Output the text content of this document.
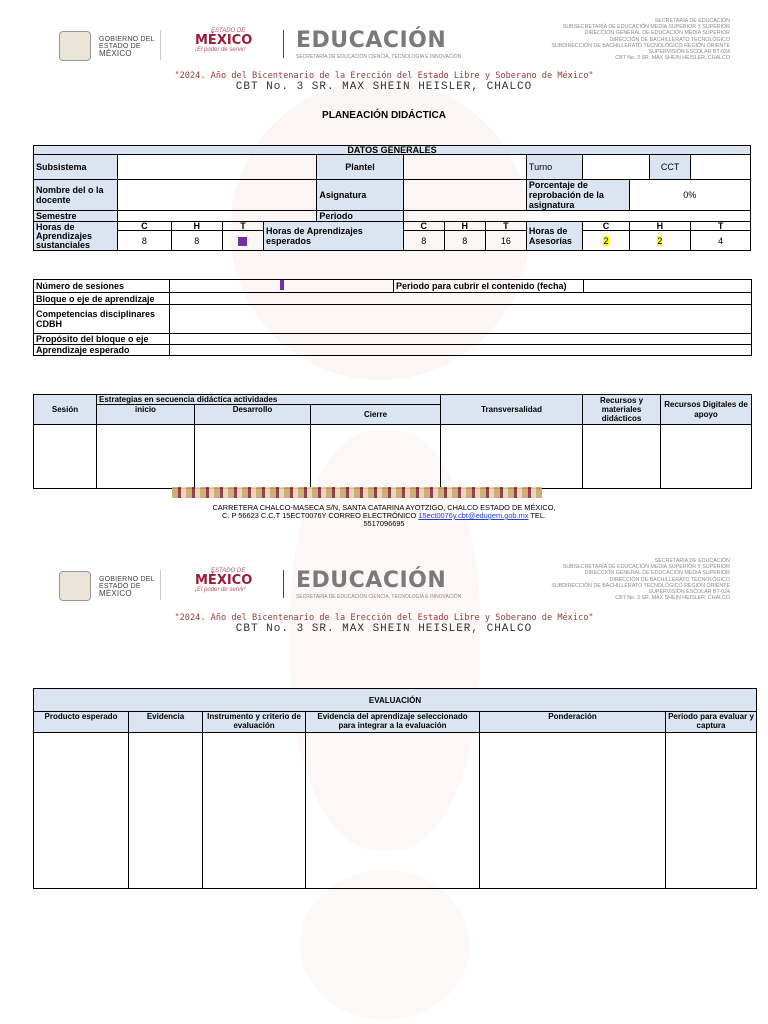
GOBIERNO DEL
ESTADO DE
MÉXICO
ESTADO DE
MÉXICO
¡El poder de servir! EDUCACIÓN
SECRETARÍA DE EDUCACIÓN CIENCIA, TECNOLOGÍA E INNOVACIÓN
SECRETARÍA DE EDUCACIÓN
SUBSECRETARÍA DE EDUCACIÓN MEDIA SUPERIOR Y SUPERIOR
DIRECCIÓN GENERAL DE EDUCACIÓN MEDIA SUPERIOR
DIRECCIÓN DE BACHILLERATO TECNOLÓGICO
SUBDIRECCIÓN DE BACHILLERATO TECNOLÓGICO REGIÓN ORIENTE
SUPERVISIÓN ESCOLAR BT-024
CBT No. 3 SR. MAX SHEIN HEISLER, CHALCO
"2024. Año del Bicentenario de la Erección del Estado Libre y Soberano de México"
CBT No. 3 SR. MAX SHEIN HEISLER, CHALCO
PLANEACIÓN DIDÁCTICA
DATOS GENERALES													
Subsistema					Plantel				Turno			CCT	
Nombre del o la docente					Asignatura				Porcentaje de reprobación de la asignatura		0%		
Semestre					Periodo								
Horas de Aprendizajes sustanciales	C	H	T	Horas de Aprendizajes esperados		C	H	T	Horas de Asesorías	C	H		T
	8	8				8	8	16		2	2		4
Número de sesiones		Periodo para cubrir el contenido (fecha)	
Bloque o eje de aprendizaje			
Competencias disciplinares CDBH			
Propósito del bloque o eje			
Aprendizaje esperado			
Sesión	Estrategias en secuencia didáctica actividades			Transversalidad	Recursos y materiales didácticos	Recursos Digitales de apoyo
	inicio	Desarrollo	Cierre			

CARRETERA CHALCO-MASECA S/N, SANTA CATARINA AYOTZIGO, CHALCO ESTADO DE MÉXICO,
C. P 56623 C.C.T 15ECT0076Y CORREO ELECTRÓNICO 15ect0076y.cbt@edugem.gob.mx TEL.
5517096695
GOBIERNO DEL
ESTADO DE
MÉXICO
ESTADO DE
MÉXICO
¡El poder de servir! EDUCACIÓN
SECRETARÍA DE EDUCACIÓN CIENCIA, TECNOLOGÍA E INNOVACIÓN
SECRETARÍA DE EDUCACIÓN
SUBSECRETARÍA DE EDUCACIÓN MEDIA SUPERIOR Y SUPERIOR
DIRECCIÓN GENERAL DE EDUCACIÓN MEDIA SUPERIOR
DIRECCIÓN DE BACHILLERATO TECNOLÓGICO
SUBDIRECCIÓN DE BACHILLERATO TECNOLÓGICO REGIÓN ORIENTE
SUPERVISIÓN ESCOLAR BT-024
CBT No. 3 SR. MAX SHEIN HEISLER, CHALCO
"2024. Año del Bicentenario de la Erección del Estado Libre y Soberano de México"
CBT No. 3 SR. MAX SHEIN HEISLER, CHALCO
EVALUACIÓN					
Producto esperado	Evidencia	Instrumento y criterio de evaluación	Evidencia del aprendizaje seleccionado para integrar a la evaluación	Ponderación	Periodo para evaluar y captura
